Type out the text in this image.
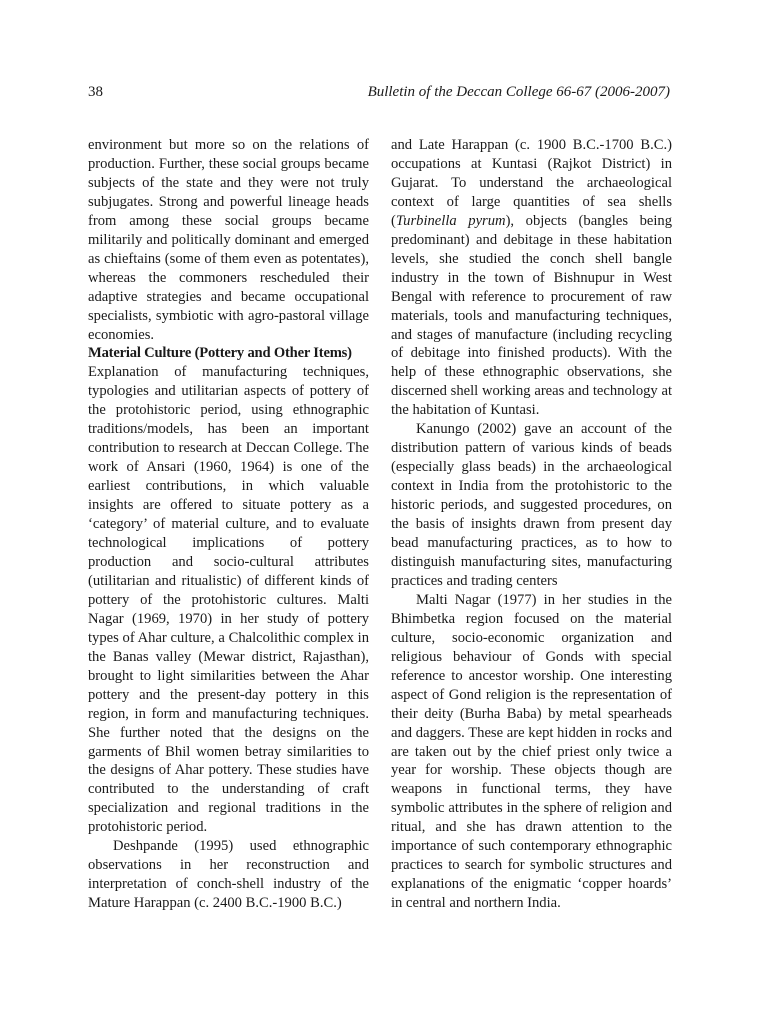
38	Bulletin of the Deccan College 66-67 (2006-2007)

environment but more so on the relations of production. Further, these social groups became subjects of the state and they were not truly subjugates. Strong and powerful lineage heads from among these social groups became militarily and politically dominant and emerged as chieftains (some of them even as potentates), whereas the commoners rescheduled their adaptive strategies and became occupational specialists, symbiotic with agro-pastoral village economies.

Material Culture (Pottery and Other Items)

Explanation of manufacturing techniques, typologies and utilitarian aspects of pottery of the protohistoric period, using ethnographic traditions/models, has been an important contribution to research at Deccan College. The work of Ansari (1960, 1964) is one of the earliest contributions, in which valuable insights are offered to situate pottery as a ‘category’ of material culture, and to evaluate technological implications of pottery production and socio-cultural attributes (utilitarian and ritualistic) of different kinds of pottery of the protohistoric cultures. Malti Nagar (1969, 1970) in her study of pottery types of Ahar culture, a Chalcolithic complex in the Banas valley (Mewar district, Rajasthan), brought to light similarities between the Ahar pottery and the present-day pottery in this region, in form and manufacturing techniques. She further noted that the designs on the garments of Bhil women betray similarities to the designs of Ahar pottery. These studies have contributed to the understanding of craft specialization and regional traditions in the protohistoric period.

Deshpande (1995) used ethnographic observations in her reconstruction and interpretation of conch-shell industry of the Mature Harappan (c. 2400 B.C.-1900 B.C.)

and Late Harappan (c. 1900 B.C.-1700 B.C.) occupations at Kuntasi (Rajkot District) in Gujarat. To understand the archaeological context of large quantities of sea shells (Turbinella pyrum), objects (bangles being predominant) and debitage in these habitation levels, she studied the conch shell bangle industry in the town of Bishnupur in West Bengal with reference to procurement of raw materials, tools and manufacturing techniques, and stages of manufacture (including recycling of debitage into finished products). With the help of these ethnographic observations, she discerned shell working areas and technology at the habitation of Kuntasi.

Kanungo (2002) gave an account of the distribution pattern of various kinds of beads (especially glass beads) in the archaeological context in India from the protohistoric to the historic periods, and suggested procedures, on the basis of insights drawn from present day bead manufacturing practices, as to how to distinguish manufacturing sites, manufacturing practices and trading centers

Malti Nagar (1977) in her studies in the Bhimbetka region focused on the material culture, socio-economic organization and religious behaviour of Gonds with special reference to ancestor worship. One interesting aspect of Gond religion is the representation of their deity (Burha Baba) by metal spearheads and daggers. These are kept hidden in rocks and are taken out by the chief priest only twice a year for worship. These objects though are weapons in functional terms, they have symbolic attributes in the sphere of religion and ritual, and she has drawn attention to the importance of such contemporary ethnographic practices to search for symbolic structures and explanations of the enigmatic ‘copper hoards’ in central and northern India.
